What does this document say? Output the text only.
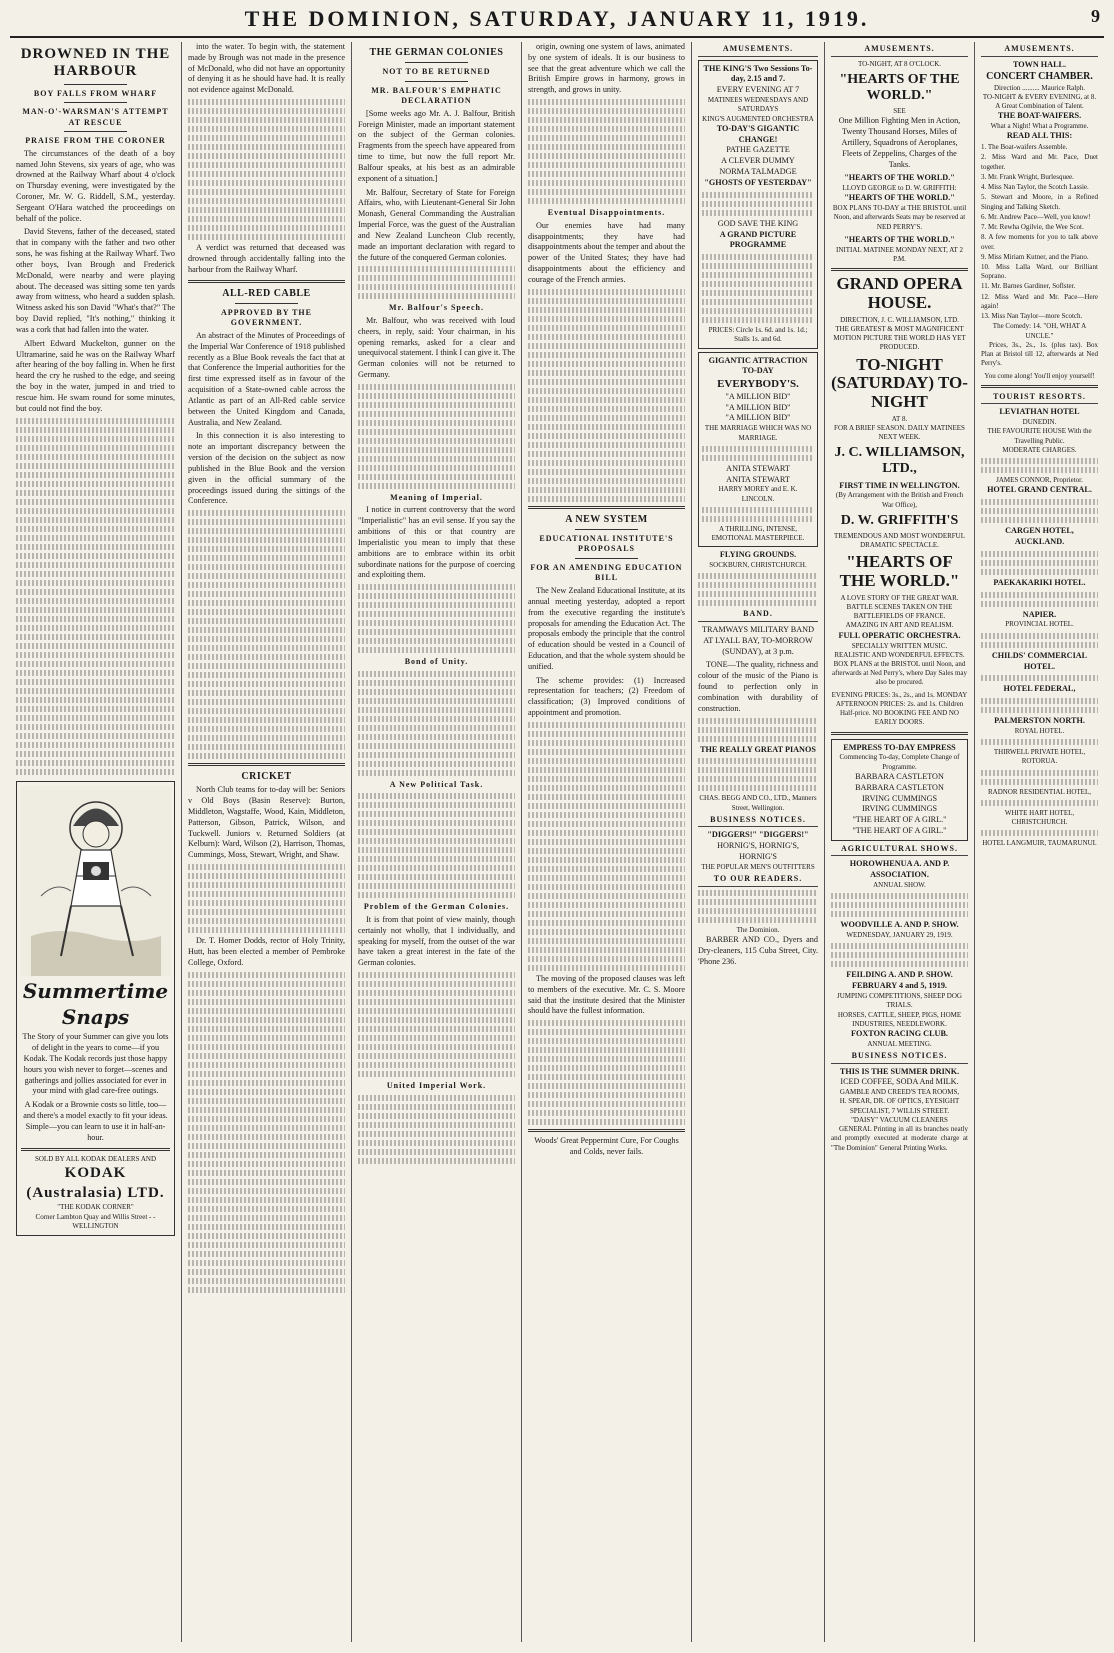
THE DOMINION, SATURDAY, JANUARY 11, 1919.	9
DROWNED IN THE HARBOUR
BOY FALLS FROM WHARF
MAN-O'-WARSMAN'S ATTEMPT AT RESCUE
PRAISE FROM THE CORONER

The circumstances of the death of a boy named John Stevens, six years of age, who was drowned at the Railway Wharf about 4 o'clock on Thursday evening, were investigated by the Coroner, Mr. W. G. Riddell, S.M., yesterday. Sergeant O'Hara watched the proceedings on behalf of the police.

David Stevens, father of the deceased, stated that in company with the father and two other sons, he was fishing at the Railway Wharf. Two other boys, Ivan Brough and Frederick McDonald, were nearby and were playing about. The deceased was sitting some ten yards away from witness, who heard a sudden splash. Witness asked his son David "What's that?" The boy David replied, "It's nothing," thinking it was a cork that had fallen into the water.

Albert Edward Muckelton, gunner on the Ultramarine, said he was on the Railway Wharf after hearing of the boy falling in. When he first heard the cry he rushed to the edge, and seeing the boy in the water, jumped in and tried to rescue him. He swam round for some minutes, but could not find the boy.

Summertime Snaps

The Story of your Summer can give you lots of delight in the years to come—if you Kodak. The Kodak records just those happy hours you wish never to forget—scenes and gatherings and jollies associated for ever in your mind with glad care-free outings.

A Kodak or a Brownie costs so little, too—and there's a model exactly to fit your ideas. Simple—you can learn to use it in half-an-hour.

SOLD BY ALL KODAK DEALERS AND
KODAK (Australasia) LTD.
"THE KODAK CORNER"
Corner Lambton Quay and Willis Street - - WELLINGTON

into the water. To begin with, the statement made by Brough was not made in the presence of McDonald, who did not have an opportunity of denying it as he should have had. It is really not evidence against McDonald.

A verdict was returned that deceased was drowned through accidentally falling into the harbour from the Railway Wharf.

ALL-RED CABLE
APPROVED BY THE GOVERNMENT.

An abstract of the Minutes of Proceedings of the Imperial War Conference of 1918 published recently as a Blue Book reveals the fact that at that Conference the Imperial authorities for the first time expressed itself as in favour of the acquisition of a State-owned cable across the Atlantic as part of an All-Red cable service between the United Kingdom and Canada, Australia, and New Zealand.

In this connection it is also interesting to note an important discrepancy between the version of the decision on the subject as now published in the Blue Book and the version given in the official summary of the proceedings issued during the sittings of the Conference.

CRICKET

North Club teams for to-day will be: Seniors v Old Boys (Basin Reserve): Burton, Middleton, Wagstaffe, Wood, Kain, Middleton, Patterson, Gibson, Patrick, Wilson, and Tuckwell. Juniors v. Returned Soldiers (at Kelburn): Ward, Wilson (2), Harrison, Thomas, Cummings, Moss, Stewart, Wright, and Shaw.

Dr. T. Homer Dodds, rector of Holy Trinity, Hutt, has been elected a member of Pembroke College, Oxford.

THE GERMAN COLONIES
NOT TO BE RETURNED
MR. BALFOUR'S EMPHATIC DECLARATION

[Some weeks ago Mr. A. J. Balfour, British Foreign Minister, made an important statement on the subject of the German colonies. Fragments from the speech have appeared from time to time, but now the full report Mr. Balfour speaks, at his best as an admirable exponent of a situation.]

Mr. Balfour, Secretary of State for Foreign Affairs, who, with Lieutenant-General Sir John Monash, General Commanding the Australian Imperial Force, was the guest of the Australian and New Zealand Luncheon Club recently, made an important declaration with regard to the future of the conquered German colonies.

Mr. Balfour's Speech.

Mr. Balfour, who was received with loud cheers, in reply, said: Your chairman, in his opening remarks, asked for a clear and unequivocal statement. I think I can give it. The German colonies will not be returned to Germany.

Meaning of Imperial.

I notice in current controversy that the word "Imperialistic" has an evil sense. If you say the ambitions of this or that country are Imperialistic you mean to imply that these ambitions are to embrace within its orbit subordinate nations for the purpose of coercing and exploiting them.

Bond of Unity.
A New Political Task.
Problem of the German Colonies.

It is from that point of view mainly, though certainly not wholly, that I individually, and speaking for myself, from the outset of the war have taken a great interest in the fate of the German colonies.

United Imperial Work.

origin, owning one system of laws, animated by one system of ideals. It is our business to see that the great adventure which we call the British Empire grows in harmony, grows in strength, and grows in unity.

Eventual Disappointments.

Our enemies have had many disappointments; they have had disappointments about the temper and about the power of the United States; they have had disappointments about the efficiency and courage of the French armies.

A NEW SYSTEM
EDUCATIONAL INSTITUTE'S PROPOSALS
FOR AN AMENDING EDUCATION BILL

The New Zealand Educational Institute, at its annual meeting yesterday, adopted a report from the executive regarding the institute's proposals for amending the Education Act. The proposals embody the principle that the control of education should be vested in a Council of Education, and that the whole system should be unified.

The scheme provides: (1) Increased representation for teachers; (2) Freedom of classification; (3) Improved conditions of appointment and promotion.

The moving of the proposed clauses was left to members of the executive. Mr. C. S. Moore said that the institute desired that the Minister should have the fullest information.

Woods' Great Peppermint Cure, For Coughs and Colds, never fails.

AMUSEMENTS.
THE KING'S Two Sessions To-day, 2.15 and 7.
EVERY EVENING AT 7
MATINEES WEDNESDAYS AND SATURDAYS
KING'S AUGMENTED ORCHESTRA
TO-DAY'S GIGANTIC CHANGE!
PATHE GAZETTE
A CLEVER DUMMY
NORMA TALMADGE
"GHOSTS OF YESTERDAY"
GOD SAVE THE KING
A GRAND PICTURE PROGRAMME
PRICES: Circle 1s. 6d. and 1s. 1d.; Stalls 1s. and 6d.
GIGANTIC ATTRACTION TO-DAY
EVERYBODY'S.
"A MILLION BID"
"A MILLION BID"
"A MILLION BID"
THE MARRIAGE WHICH WAS NO MARRIAGE.
ANITA STEWART
ANITA STEWART
HARRY MOREY and E. K. LINCOLN.
A THRILLING, INTENSE, EMOTIONAL MASTERPIECE.
FLYING GROUNDS.
SOCKBURN, CHRISTCHURCH.
BAND.

TRAMWAYS MILITARY BAND AT LYALL BAY, TO-MORROW (SUNDAY), at 3 p.m.

TONE—The quality, richness and colour of the music of the Piano is found to perfection only in combination with durability of construction.

THE REALLY GREAT PIANOS
CHAS. BEGG AND CO., LTD., Manners Street, Wellington.
BUSINESS NOTICES.
"DIGGERS!" "DIGGERS!"
HORNIG'S, HORNIG'S, HORNIG'S
THE POPULAR MEN'S OUTFITTERS
TO OUR READERS.
The Dominion.

BARBER AND CO., Dyers and Dry-cleaners, 115 Cuba Street, City. 'Phone 236.

AMUSEMENTS.
TO-NIGHT, AT 8 O'CLOCK.
"HEARTS OF THE WORLD."
SEE

One Million Fighting Men in Action, Twenty Thousand Horses, Miles of Artillery, Squadrons of Aeroplanes, Fleets of Zeppelins, Charges of the Tanks.

"HEARTS OF THE WORLD."
LLOYD GEORGE to D. W. GRIFFITH:
"HEARTS OF THE WORLD."

BOX PLANS TO-DAY at THE BRISTOL until Noon, and afterwards Seats may be reserved at NED PERRY'S.

"HEARTS OF THE WORLD."
INITIAL MATINEE MONDAY NEXT, AT 2 P.M.
GRAND OPERA HOUSE.
DIRECTION, J. C. WILLIAMSON, LTD.
THE GREATEST & MOST MAGNIFICENT MOTION PICTURE THE WORLD HAS YET PRODUCED.
TO-NIGHT (SATURDAY) TO-NIGHT
AT 8.
FOR A BRIEF SEASON. DAILY MATINEES NEXT WEEK.
J. C. WILLIAMSON, LTD.,
FIRST TIME IN WELLINGTON.
(By Arrangement with the British and French War Office),
D. W. GRIFFITH'S
TREMENDOUS AND MOST WONDERFUL DRAMATIC SPECTACLE.
"HEARTS OF THE WORLD."
A LOVE STORY OF THE GREAT WAR.
BATTLE SCENES TAKEN ON THE BATTLEFIELDS OF FRANCE.
AMAZING IN ART AND REALISM.
FULL OPERATIC ORCHESTRA.
SPECIALLY WRITTEN MUSIC.
REALISTIC AND WONDERFUL EFFECTS.

BOX PLANS at the BRISTOL until Noon, and afterwards at Ned Perry's, where Day Sales may also be procured.

EVENING PRICES: 3s., 2s., and 1s. MONDAY AFTERNOON PRICES: 2s. and 1s. Children Half-price. NO BOOKING FEE AND NO EARLY DOORS.

EMPRESS TO-DAY EMPRESS
Commencing To-day, Complete Change of Programme.
BARBARA CASTLETON
BARBARA CASTLETON
IRVING CUMMINGS
IRVING CUMMINGS
"THE HEART OF A GIRL."
"THE HEART OF A GIRL."
AGRICULTURAL SHOWS.
HOROWHENUA A. AND P. ASSOCIATION.
ANNUAL SHOW.
WOODVILLE A. AND P. SHOW.
WEDNESDAY, JANUARY 29, 1919.
FEILDING A. AND P. SHOW. FEBRUARY 4 and 5, 1919.
JUMPING COMPETITIONS, SHEEP DOG TRIALS.
HORSES, CATTLE, SHEEP, PIGS, HOME INDUSTRIES, NEEDLEWORK.
FOXTON RACING CLUB.
ANNUAL MEETING.
BUSINESS NOTICES.
THIS IS THE SUMMER DRINK.
ICED COFFEE, SODA And MILK.
GAMBLE AND CREED'S TEA ROOMS,
H. SPEAR, DR. OF OPTICS, EYESIGHT SPECIALIST, 7 WILLIS STREET.
"DAISY" VACUUM CLEANERS

GENERAL Printing in all its branches neatly and promptly executed at moderate charge at "The Dominion" General Printing Works.

AMUSEMENTS.
TOWN HALL.
CONCERT CHAMBER.
Direction .......... Maurice Ralph.
TO-NIGHT & EVERY EVENING, at 8.
A Great Combination of Talent.
THE BOAT-WAIFERS.
What a Night! What a Programme.
READ ALL THIS:
1. The Boat-waifers Assemble.
2. Miss Ward and Mr. Pace, Duet together.
3. Mr. Frank Wright, Burlesquee.
4. Miss Nan Taylor, the Scotch Lassie.
5. Stewart and Moore, in a Refined Singing and Talking Sketch.
6. Mr. Andrew Pace—Well, you know!
7. Mr. Rewha Ogilvie, the Wee Scot.
8. A few moments for you to talk above over.
9. Miss Miriam Kutner, and the Piano.
10. Miss Lalla Ward, our Brilliant Soprano.
11. Mr. Barnes Gardiner, Soflster.
12. Miss Ward and Mr. Pace—Here again!
13. Miss Nan Taylor—more Scotch.
The Comedy: 14. "OH, WHAT A UNCLE."

Prices, 3s., 2s., 1s. (plus tax). Box Plan at Bristol till 12, afterwards at Ned Perry's.

You come along! You'll enjoy yourself!
TOURIST RESORTS.
LEVIATHAN HOTEL
DUNEDIN.
THE FAVOURITE HOUSE With the Travelling Public.
MODERATE CHARGES.
JAMES CONNOR, Proprietor.
HOTEL GRAND CENTRAL.
CARGEN HOTEL, AUCKLAND.
PAEKAKARIKI HOTEL.
NAPIER.
PROVINCIAL HOTEL.
CHILDS' COMMERCIAL HOTEL.
HOTEL FEDERAL,
PALMERSTON NORTH.
ROYAL HOTEL.
THIRWELL PRIVATE HOTEL, ROTORUA.
RADNOR RESIDENTIAL HOTEL,
WHITE HART HOTEL, CHRISTCHURCH.
HOTEL LANGMUIR, TAUMARUNUI.
